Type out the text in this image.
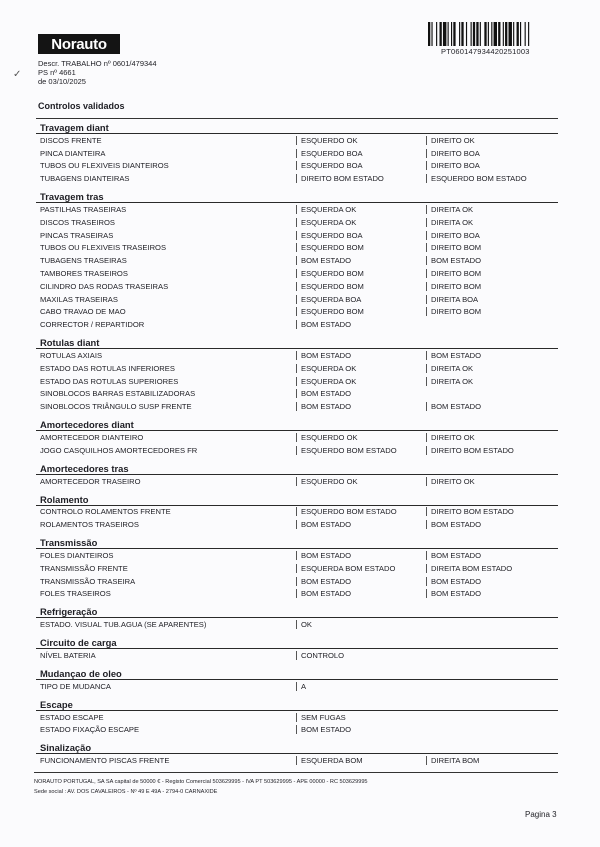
Norauto
Descr. TRABALHO nº 0601/479344
PS nº 4661
de 03/10/2025
✓
PT060147934420251003
Controlos validados
Travagem diant
DISCOS FRENTE	ESQUERDO OK	DIREITO OK
PINCA DIANTEIRA	ESQUERDO BOA	DIREITO BOA
TUBOS OU FLEXIVEIS DIANTEIROS	ESQUERDO BOA	DIREITO BOA
TUBAGENS DIANTEIRAS	DIREITO BOM ESTADO	ESQUERDO BOM ESTADO
Travagem tras
PASTILHAS TRASEIRAS	ESQUERDA OK	DIREITA OK
DISCOS TRASEIROS	ESQUERDA OK	DIREITA OK
PINCAS TRASEIRAS	ESQUERDO BOA	DIREITO BOA
TUBOS OU FLEXIVEIS TRASEIROS	ESQUERDO BOM	DIREITO BOM
TUBAGENS TRASEIRAS	BOM ESTADO	BOM ESTADO
TAMBORES TRASEIROS	ESQUERDO BOM	DIREITO BOM
CILINDRO DAS RODAS TRASEIRAS	ESQUERDO BOM	DIREITO BOM
MAXILAS TRASEIRAS	ESQUERDA BOA	DIREITA BOA
CABO TRAVAO DE MAO	ESQUERDO BOM	DIREITO BOM
CORRECTOR / REPARTIDOR	BOM ESTADO
Rotulas diant
ROTULAS AXIAIS	BOM ESTADO	BOM ESTADO
ESTADO DAS ROTULAS INFERIORES	ESQUERDA OK	DIREITA OK
ESTADO DAS ROTULAS SUPERIORES	ESQUERDA OK	DIREITA OK
SINOBLOCOS BARRAS ESTABILIZADORAS	BOM ESTADO
SINOBLOCOS TRIÂNGULO SUSP FRENTE	BOM ESTADO	BOM ESTADO
Amortecedores diant
AMORTECEDOR DIANTEIRO	ESQUERDO OK	DIREITO OK
JOGO CASQUILHOS AMORTECEDORES FR	ESQUERDO BOM ESTADO	DIREITO BOM ESTADO
Amortecedores tras
AMORTECEDOR TRASEIRO	ESQUERDO OK	DIREITO OK
Rolamento
CONTROLO ROLAMENTOS FRENTE	ESQUERDO BOM ESTADO	DIREITO BOM ESTADO
ROLAMENTOS TRASEIROS	BOM ESTADO	BOM ESTADO
Transmissão
FOLES DIANTEIROS	BOM ESTADO	BOM ESTADO
TRANSMISSÃO FRENTE	ESQUERDA BOM ESTADO	DIREITA BOM ESTADO
TRANSMISSÃO TRASEIRA	BOM ESTADO	BOM ESTADO
FOLES TRASEIROS	BOM ESTADO	BOM ESTADO
Refrigeração
ESTADO. VISUAL TUB.AGUA (SE APARENTES)	OK
Circuito de carga
NÍVEL BATERIA	CONTROLO
Mudançao de oleo
TIPO DE MUDANCA	A
Escape
ESTADO ESCAPE	SEM FUGAS
ESTADO FIXAÇÃO ESCAPE	BOM ESTADO
Sinalização
FUNCIONAMENTO PISCAS FRENTE	ESQUERDA BOM	DIREITA BOM
NORAUTO PORTUGAL, SA SA capital de 50000 € - Registo Comercial 503629995 - IVA PT 503629995 - APE 00000 - RC 503629995
Sede social : AV. DOS CAVALEIROS - Nº 49 E 49A - 2794-0 CARNAXIDE
Pagina 3
